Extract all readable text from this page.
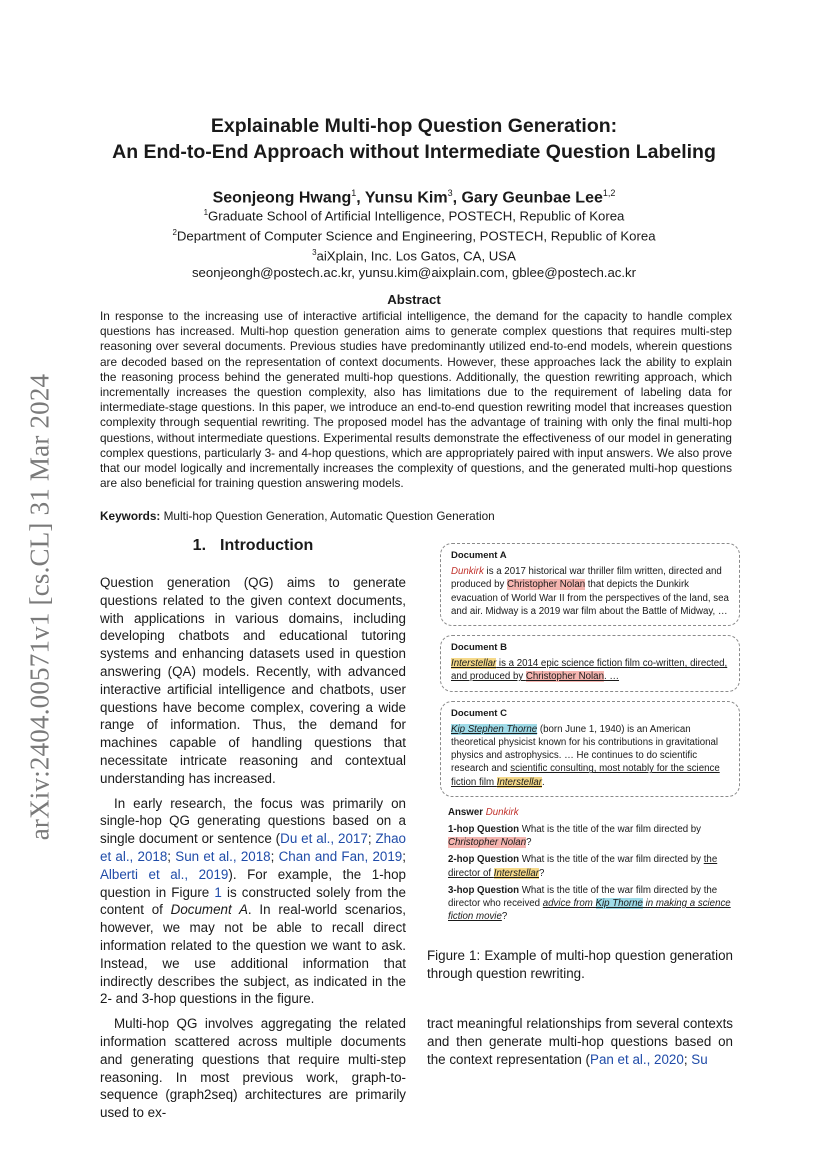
arXiv:2404.00571v1 [cs.CL] 31 Mar 2024
Explainable Multi-hop Question Generation:
An End-to-End Approach without Intermediate Question Labeling
Seonjeong Hwang$^1$, Yunsu Kim$^3$, Gary Geunbae Lee$^{1,2}$
$^1$Graduate School of Artificial Intelligence, POSTECH, Republic of Korea
$^2$Department of Computer Science and Engineering, POSTECH, Republic of Korea
$^3$aiXplain, Inc. Los Gatos, CA, USA
seonjeongh@postech.ac.kr, yunsu.kim@aixplain.com, gblee@postech.ac.kr
Abstract
In response to the increasing use of interactive artificial intelligence, the demand for the capacity to handle complex questions has increased. Multi-hop question generation aims to generate complex questions that requires multi-step reasoning over several documents. Previous studies have predominantly utilized end-to-end models, wherein questions are decoded based on the representation of context documents. However, these approaches lack the ability to explain the reasoning process behind the generated multi-hop questions. Additionally, the question rewriting approach, which incrementally increases the question complexity, also has limitations due to the requirement of labeling data for intermediate-stage questions. In this paper, we introduce an end-to-end question rewriting model that increases question complexity through sequential rewriting. The proposed model has the advantage of training with only the final multi-hop questions, without intermediate questions. Experimental results demonstrate the effectiveness of our model in generating complex questions, particularly 3- and 4-hop questions, which are appropriately paired with input answers. We also prove that our model logically and incrementally increases the complexity of questions, and the generated multi-hop questions are also beneficial for training question answering models.
Keywords: Multi-hop Question Generation, Automatic Question Generation
1. Introduction

Question generation (QG) aims to generate questions related to the given context documents, with applications in various domains, including developing chatbots and educational tutoring systems and enhancing datasets used in question answering (QA) models. Recently, with advanced interactive artificial intelligence and chatbots, user questions have become complex, covering a wide range of information. Thus, the demand for machines capable of handling questions that necessitate intricate reasoning and contextual understanding has increased.

In early research, the focus was primarily on single-hop QG generating questions based on a single document or sentence (Du et al., 2017; Zhao et al., 2018; Sun et al., 2018; Chan and Fan, 2019; Alberti et al., 2019). For example, the 1-hop question in Figure 1 is constructed solely from the content of Document A. In real-world scenarios, however, we may not be able to recall direct information related to the question we want to ask. Instead, we use additional information that indirectly describes the subject, as indicated in the 2- and 3-hop questions in the figure.

Multi-hop QG involves aggregating the related information scattered across multiple documents and generating questions that require multi-step reasoning. In most previous work, graph-to-sequence (graph2seq) architectures are primarily used to ex-

Document A
Dunkirk is a 2017 historical war thriller film written, directed and produced by Christopher Nolan that depicts the Dunkirk evacuation of World War II from the perspectives of the land, sea and air. Midway is a 2019 war film about the Battle of Midway, …
Document B
Interstellar is a 2014 epic science fiction film co-written, directed, and produced by Christopher Nolan. …
Document C
Kip Stephen Thorne (born June 1, 1940) is an American theoretical physicist known for his contributions in gravitational physics and astrophysics. … He continues to do scientific research and scientific consulting, most notably for the science fiction film Interstellar.
Answer Dunkirk
1-hop Question What is the title of the war film directed by Christopher Nolan?
2-hop Question What is the title of the war film directed by the director of Interstellar?
3-hop Question What is the title of the war film directed by the director who received advice from Kip Thorne in making a science fiction movie?
Figure 1: Example of multi-hop question generation through question rewriting.
tract meaningful relationships from several contexts and then generate multi-hop questions based on the context representation (Pan et al., 2020; Su
